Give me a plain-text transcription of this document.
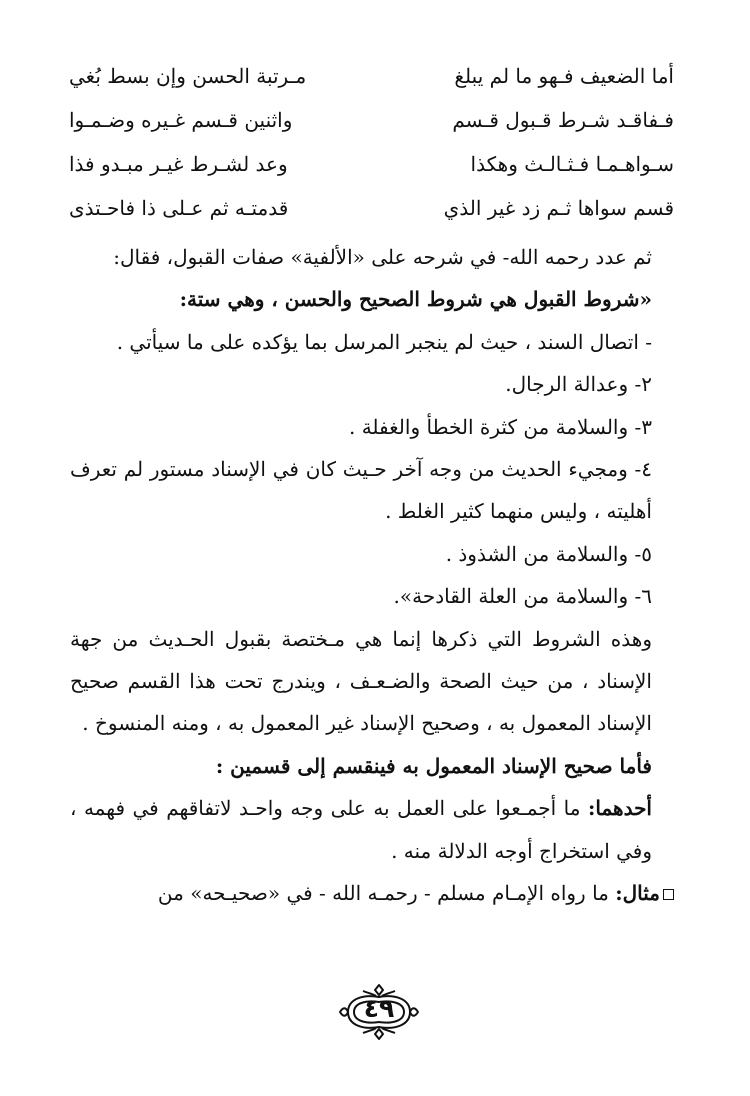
أما الضعيف فـهو ما لم يبلغ
مـرتبة الحسن وإن بسط بُغي
فـفاقـد شـرط قـبول قـسم
واثنين قـسم غـيره وضـمـوا
سـواهـمـا فـثـالـث وهكذا
وعد لشـرط غيـر مبـدو فذا
قسم سواها ثـم زد غير الذي
قدمتـه ثم عـلى ذا فاحـتذى

ثم عدد رحمه الله- في شرحه على «الألفية» صفات القبول، فقال:

«شروط القبول هي شروط الصحيح والحسن ، وهي ستة:

- اتصال السند ، حيث لم ينجبر المرسل بما يؤكده على ما سيأتي .

٢- وعدالة الرجال.

٣- والسلامة من كثرة الخطأ والغفلة .

٤- ومجيء الحديث من وجه آخر حـيث كان في الإسناد مستور لم تعرف أهليته ، وليس منهما كثير الغلط .

٥- والسلامة من الشذوذ .

٦- والسلامة من العلة القادحة».

وهذه الشروط التي ذكرها إنما هي مـختصة بقبول الحـديث من جهة الإسناد ، من حيث الصحة والضـعـف ، ويندرج تحت هذا القسم صحيح الإسناد المعمول به ، وصحيح الإسناد غير المعمول به ، ومنه المنسوخ .

فأما صحيح الإسناد المعمول به فينقسم إلى قسمين :

أحدهما: ما أجمـعوا على العمل به على وجه واحـد لاتفاقهم في فهمه ، وفي استخراج أوجه الدلالة منه .

مثال: ما رواه الإمـام مسلم - رحمـه الله - في «صحيـحه» من

٤٩
